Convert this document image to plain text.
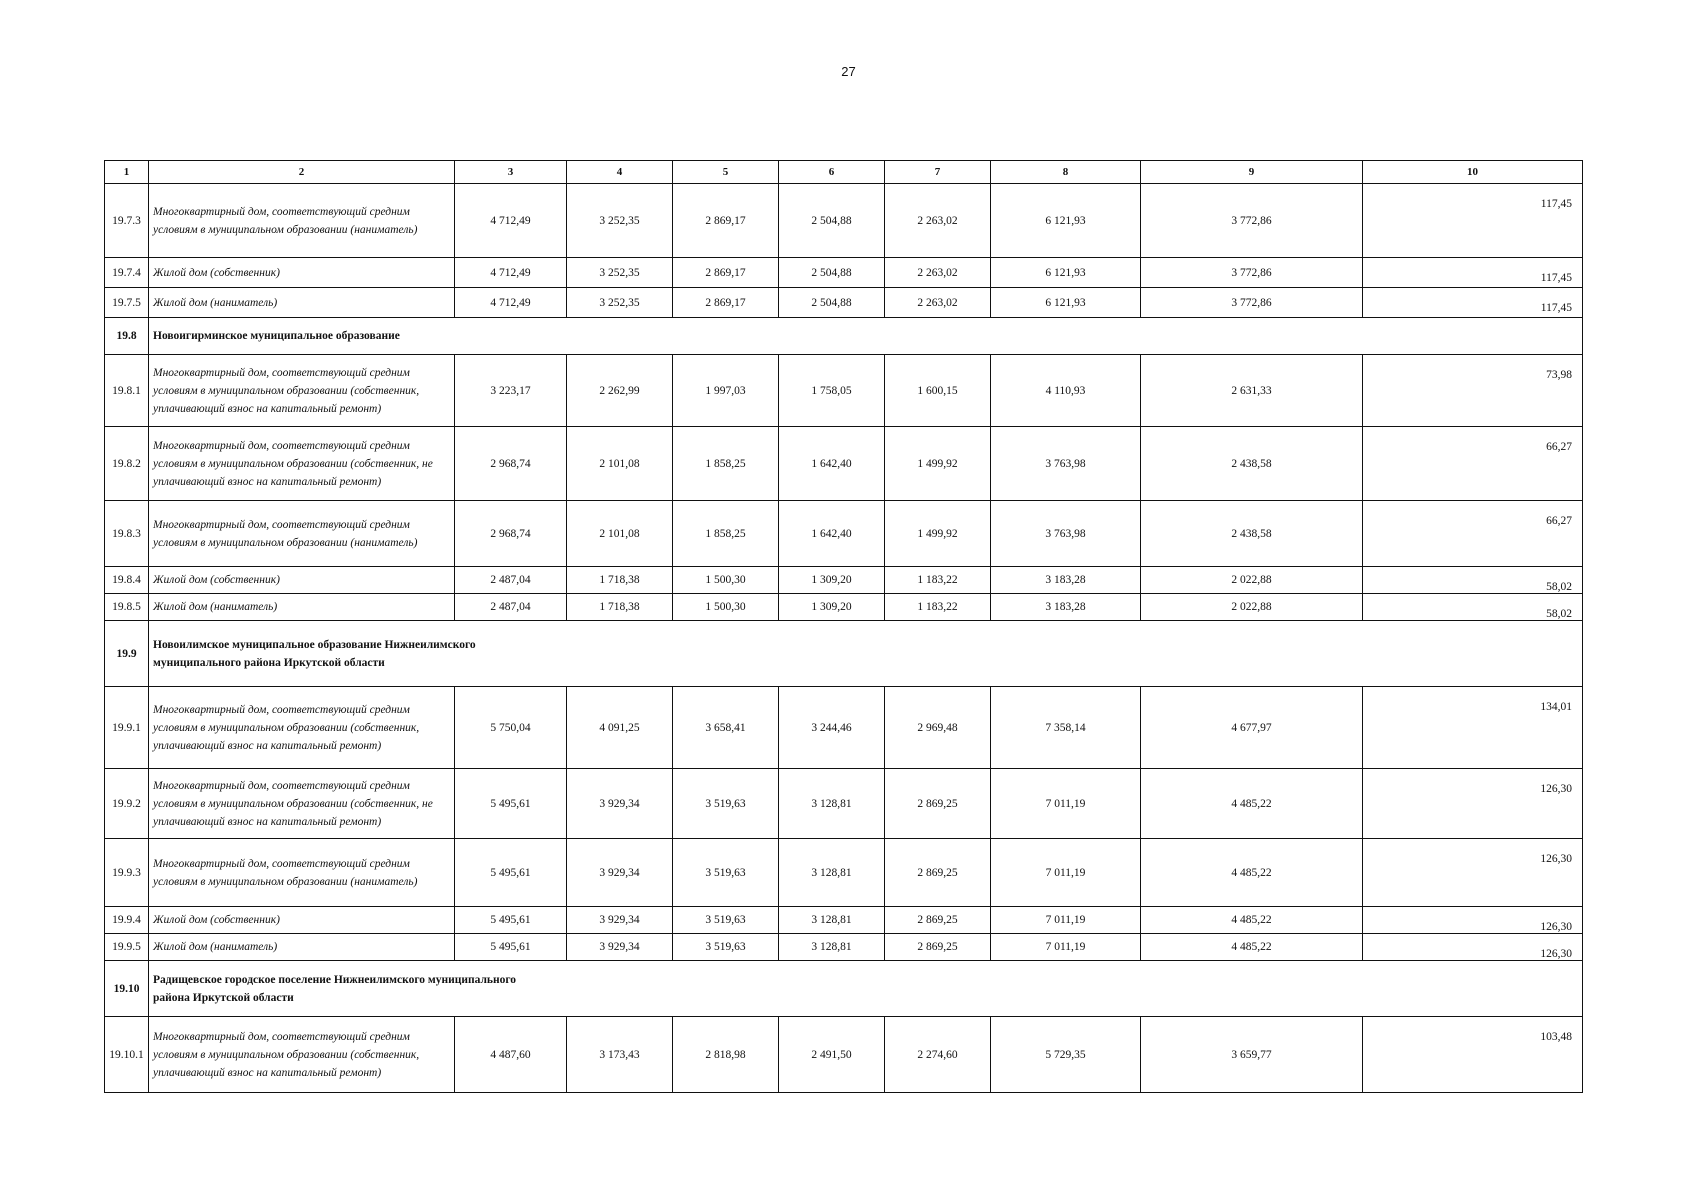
27
1	2	3	4	5	6	7	8	9	10
19.7.3	Многоквартирный дом, соответствующий средним условиям в муниципальном образовании (наниматель)	4 712,49	3 252,35	2 869,17	2 504,88	2 263,02	6 121,93	3 772,86	117,45
19.7.4	Жилой дом (собственник)	4 712,49	3 252,35	2 869,17	2 504,88	2 263,02	6 121,93	3 772,86	117,45
19.7.5	Жилой дом (наниматель)	4 712,49	3 252,35	2 869,17	2 504,88	2 263,02	6 121,93	3 772,86	117,45
19.8	Новоигирминское муниципальное образование								
19.8.1	Многоквартирный дом, соответствующий средним условиям в муниципальном образовании (собственник, уплачивающий взнос на капитальный ремонт)	3 223,17	2 262,99	1 997,03	1 758,05	1 600,15	4 110,93	2 631,33	73,98
19.8.2	Многоквартирный дом, соответствующий средним условиям в муниципальном образовании (собственник, не уплачивающий взнос на капитальный ремонт)	2 968,74	2 101,08	1 858,25	1 642,40	1 499,92	3 763,98	2 438,58	66,27
19.8.3	Многоквартирный дом, соответствующий средним условиям в муниципальном образовании (наниматель)	2 968,74	2 101,08	1 858,25	1 642,40	1 499,92	3 763,98	2 438,58	66,27
19.8.4	Жилой дом (собственник)	2 487,04	1 718,38	1 500,30	1 309,20	1 183,22	3 183,28	2 022,88	58,02
19.8.5	Жилой дом (наниматель)	2 487,04	1 718,38	1 500,30	1 309,20	1 183,22	3 183,28	2 022,88	58,02
19.9	Новоилимское муниципальное образование Нижнеилимского муниципального района Иркутской области								
19.9.1	Многоквартирный дом, соответствующий средним условиям в муниципальном образовании (собственник, уплачивающий взнос на капитальный ремонт)	5 750,04	4 091,25	3 658,41	3 244,46	2 969,48	7 358,14	4 677,97	134,01
19.9.2	Многоквартирный дом, соответствующий средним условиям в муниципальном образовании (собственник, не уплачивающий взнос на капитальный ремонт)	5 495,61	3 929,34	3 519,63	3 128,81	2 869,25	7 011,19	4 485,22	126,30
19.9.3	Многоквартирный дом, соответствующий средним условиям в муниципальном образовании (наниматель)	5 495,61	3 929,34	3 519,63	3 128,81	2 869,25	7 011,19	4 485,22	126,30
19.9.4	Жилой дом (собственник)	5 495,61	3 929,34	3 519,63	3 128,81	2 869,25	7 011,19	4 485,22	126,30
19.9.5	Жилой дом (наниматель)	5 495,61	3 929,34	3 519,63	3 128,81	2 869,25	7 011,19	4 485,22	126,30
19.10	Радищевское городское поселение Нижнеилимского муниципального района Иркутской области								
19.10.1	Многоквартирный дом, соответствующий средним условиям в муниципальном образовании (собственник, уплачивающий взнос на капитальный ремонт)	4 487,60	3 173,43	2 818,98	2 491,50	2 274,60	5 729,35	3 659,77	103,48
